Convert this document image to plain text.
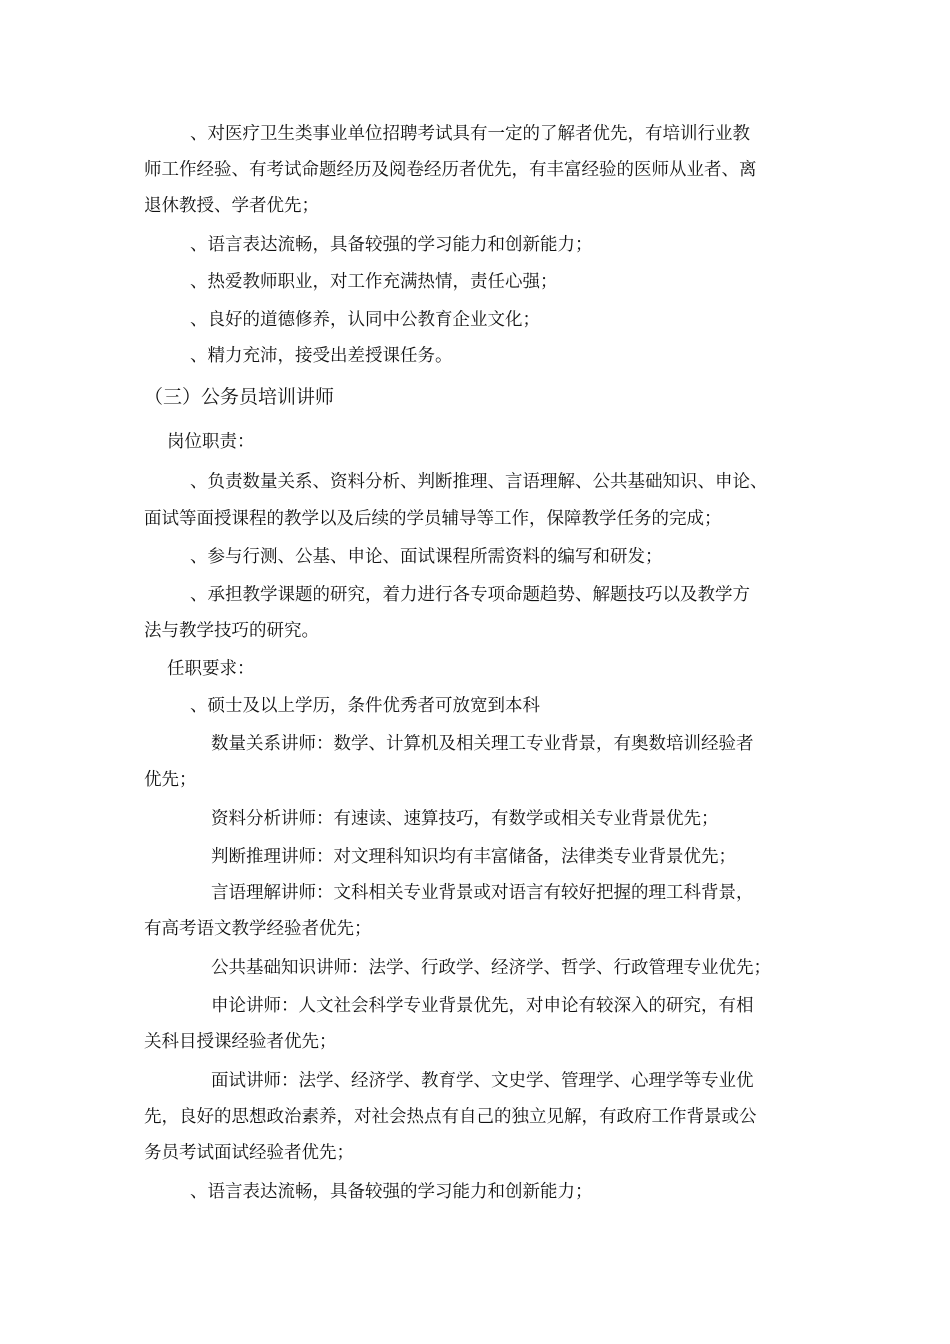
、对医疗卫生类事业单位招聘考试具有一定的了解者优先，有培训行业教
师工作经验、有考试命题经历及阅卷经历者优先，有丰富经验的医师从业者、离
退休教授、学者优先；
、语言表达流畅，具备较强的学习能力和创新能力；
、热爱教师职业，对工作充满热情，责任心强；
、良好的道德修养，认同中公教育企业文化；
、精力充沛，接受出差授课任务。
（三）公务员培训讲师
岗位职责：
、负责数量关系、资料分析、判断推理、言语理解、公共基础知识、申论、
面试等面授课程的教学以及后续的学员辅导等工作，保障教学任务的完成；
、参与行测、公基、申论、面试课程所需资料的编写和研发；
、承担教学课题的研究，着力进行各专项命题趋势、解题技巧以及教学方
法与教学技巧的研究。
任职要求：
、硕士及以上学历，条件优秀者可放宽到本科
数量关系讲师：数学、计算机及相关理工专业背景，有奥数培训经验者
优先；
资料分析讲师：有速读、速算技巧，有数学或相关专业背景优先；
判断推理讲师：对文理科知识均有丰富储备，法律类专业背景优先；
言语理解讲师：文科相关专业背景或对语言有较好把握的理工科背景，
有高考语文教学经验者优先；
公共基础知识讲师：法学、行政学、经济学、哲学、行政管理专业优先；
申论讲师：人文社会科学专业背景优先，对申论有较深入的研究，有相
关科目授课经验者优先；
面试讲师：法学、经济学、教育学、文史学、管理学、心理学等专业优
先，良好的思想政治素养，对社会热点有自己的独立见解，有政府工作背景或公
务员考试面试经验者优先；
、语言表达流畅，具备较强的学习能力和创新能力；
